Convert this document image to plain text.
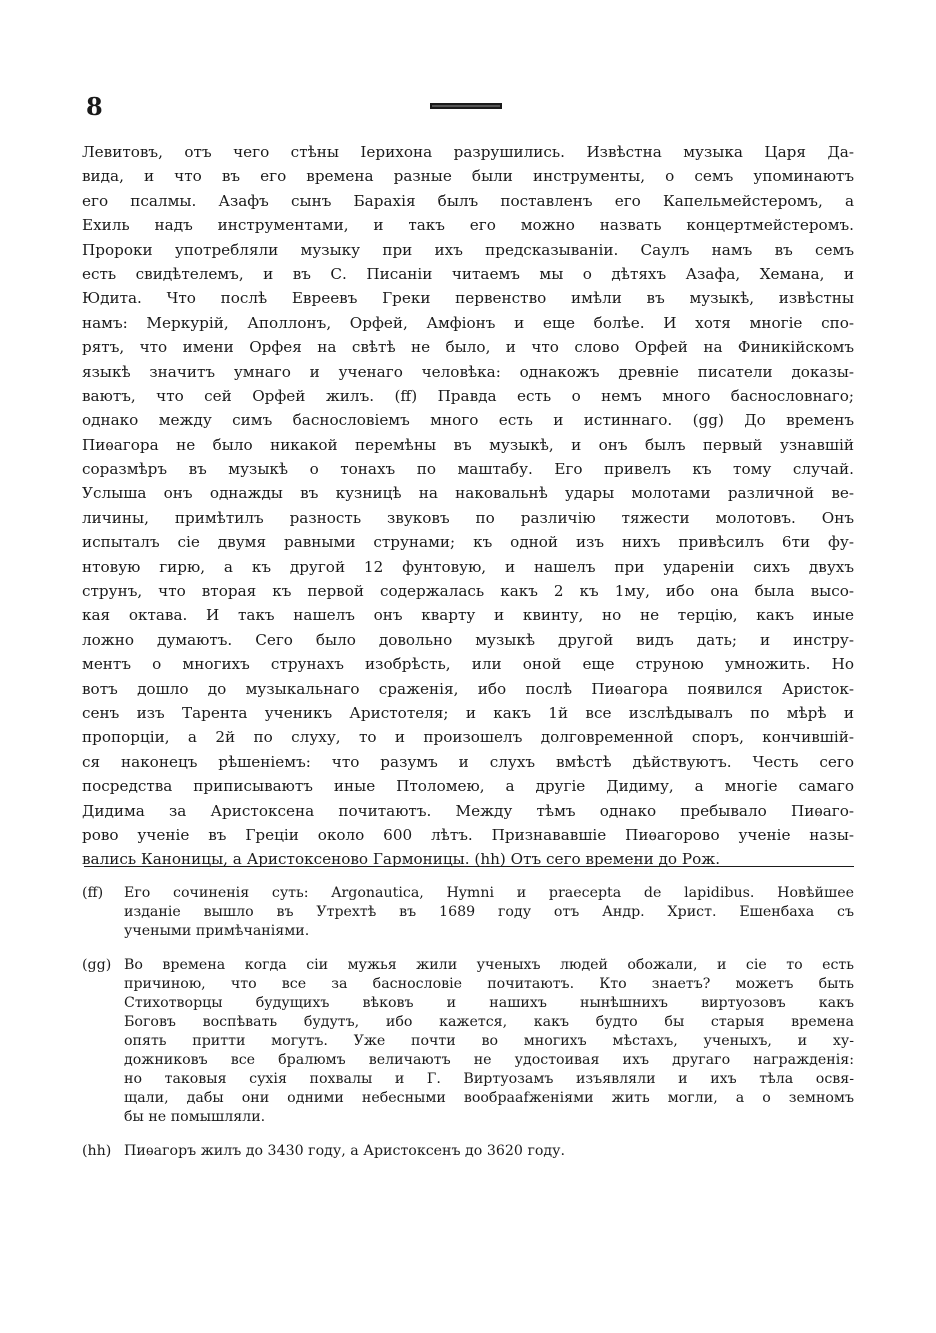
8
Левитовъ, отъ чего стѣны Іерихона разрушились. Извѣстна музыка Царя Да-
вида, и что въ его времена разные были инструменты, о семъ упоминаютъ
его псалмы. Азафъ сынъ Барахія былъ поставленъ его Капельмейстеромъ, а
Ехиль надъ инструментами, и такъ его можно назвать концертмейстеромъ.
Пророки употребляли музыку при ихъ предсказываніи. Саулъ намъ въ семъ
есть свидѣтелемъ, и въ С. Писаніи читаемъ мы о дѣтяхъ Азафа, Хемана, и
Юдита. Что послѣ Евреевъ Греки первенство имѣли въ музыкѣ, извѣстны
намъ: Меркурій, Аполлонъ, Орфей, Амфіонъ и еще болѣе. И хотя многіе спо-
рятъ, что имени Орфея на свѣтѣ не было, и что слово Орфей на Финикійскомъ
языкѣ значитъ умнаго и ученаго человѣка: однакожъ древніе писатели доказы-
ваютъ, что сей Орфей жилъ. (ff) Правда есть о немъ много баснословнаго;
однако между симъ баснословіемъ много есть и истиннаго. (gg) До временъ
Пиѳагора не было никакой перемѣны въ музыкѣ, и онъ былъ первый узнавшій
соразмѣръ въ музыкѣ о тонахъ по маштабу. Его привелъ къ тому случай.
Услыша онъ однажды въ кузницѣ на наковальнѣ удары молотами различной ве-
личины, примѣтилъ разность звуковъ по различію тяжести молотовъ. Онъ
испыталъ сіе двумя равными струнами; къ одной изъ нихъ привѣсилъ 6ти фу-
нтовую гирю, а къ другой 12 фунтовую, и нашелъ при удареніи сихъ двухъ
струнъ, что вторая къ первой содержалась какъ 2 къ 1му, ибо она была высо-
кая октава. И такъ нашелъ онъ кварту и квинту, но не терцію, какъ иные
ложно думаютъ. Сего было довольно музыкѣ другой видъ дать; и инстру-
ментъ о многихъ струнахъ изобрѣсть, или оной еще струною умножить. Но
вотъ дошло до музыкальнаго сраженія, ибо послѣ Пиѳагора появился Аристок-
сенъ изъ Тарента ученикъ Аристотеля; и какъ 1й все изслѣдывалъ по мѣрѣ и
пропорціи, а 2й по слуху, то и произошелъ долговременной споръ, кончившій-
ся наконецъ рѣшеніемъ: что разумъ и слухъ вмѣстѣ дѣйствуютъ. Честь сего
посредства приписываютъ иные Птоломею, а другіе Дидиму, а многіе самаго
Дидима за Аристоксена почитаютъ. Между тѣмъ однако пребывало Пиѳаго-
рово ученіе въ Греціи около 600 лѣтъ. Признававшіе Пиѳагорово ученіе назы-
вались Каноницы, а Аристоксеново Гармоницы. (hh) Отъ сего времени до Рож.
(ff) Его сочиненія суть: Argonautica, Hymni и praecepta de lapidibus. Новѣйшее
изданіе вышло въ Утрехтѣ въ 1689 году отъ Андр. Христ. Ешенбаха съ
учеными примѣчаніями.
(gg) Во времена когда сіи мужья жили ученыхъ людей обожали, и сіе то есть
причиною, что все за баснословіе почитаютъ. Кто знаетъ? можетъ быть
Стихотворцы будущихъ вѣковъ и нашихъ нынѣшнихъ виртуозовъ какъ
Боговъ воспѣвать будутъ, ибо кажется, какъ будто бы старыя времена
опять притти могутъ. Уже почти во многихъ мѣстахъ, ученыхъ, и ху-
дожниковъ все бралюмъ величаютъ не удостоивая ихъ другаго награжденія:
но таковыя сухія похвалы и Г. Виртуозамъ изъявляли и ихъ тѣла освя-
щали, дабы они одними небесными вообраafженіями жить могли, а о земномъ
бы не помышляли.
(hh) Пиѳагоръ жилъ до 3430 году, а Аристоксенъ до 3620 году.
